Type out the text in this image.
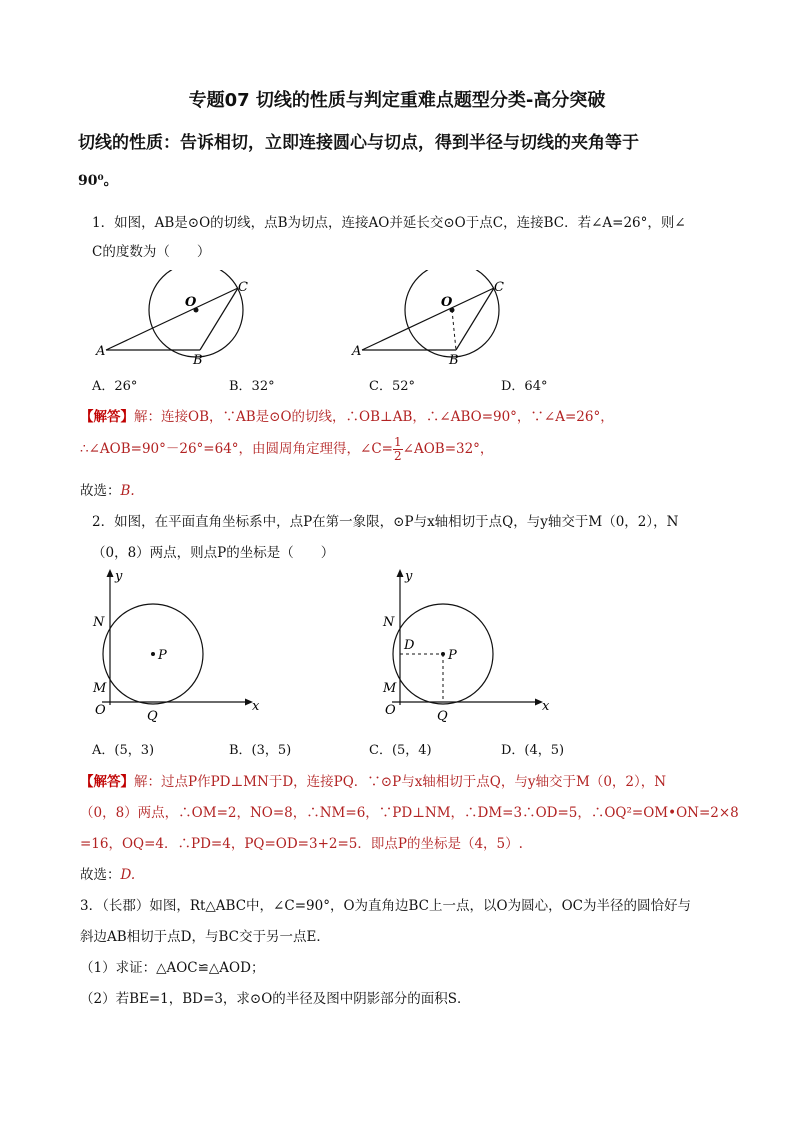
专题07 切线的性质与判定重难点题型分类-高分突破
切线的性质：告诉相切，立即连接圆心与切点，得到半径与切线的夹角等于
90⁰。
1．如图，AB是⊙O的切线，点B为切点，连接AO并延长交⊙O于点C，连接BC．若∠A=26°，则∠
C的度数为（　　）
O
C
A
B
O
C
A
B
A．26°	B．32°	C．52°	D．64°
【解答】解：连接OB，∵AB是⊙O的切线，∴OB⊥AB，∴∠ABO=90°，∵∠A=26°，
∴∠AOB=90°－26°=64°，由圆周角定理得，∠C= $\frac{1}{2}$ ∠AOB=32°，
故选：B.
2．如图，在平面直角坐标系中，点P在第一象限，⊙P与x轴相切于点Q，与y轴交于M（0，2），N
（0，8）两点，则点P的坐标是（　　）
y
N
P
M
O	Q
x
y
N
D
P
M
O	Q
x
A．(5，3)	B．(3，5)	C．(5，4)	D．(4，5)
【解答】解：过点P作PD⊥MN于D，连接PQ．∵⊙P与x轴相切于点Q，与y轴交于M（0，2），N
（0，8）两点，∴OM=2，NO=8，∴NM=6，∵PD⊥NM，∴DM=3∴OD=5，∴OQ²=OM•ON=2×8
=16，OQ=4．∴PD=4，PQ=OD=3+2=5．即点P的坐标是（4，5）.
故选：D.
3．（长郡）如图，Rt△ABC中，∠C=90°，O为直角边BC上一点，以O为圆心，OC为半径的圆恰好与
斜边AB相切于点D，与BC交于另一点E．
（1）求证：△AOC≌△AOD；
（2）若BE=1，BD=3，求⊙O的半径及图中阴影部分的面积S．
